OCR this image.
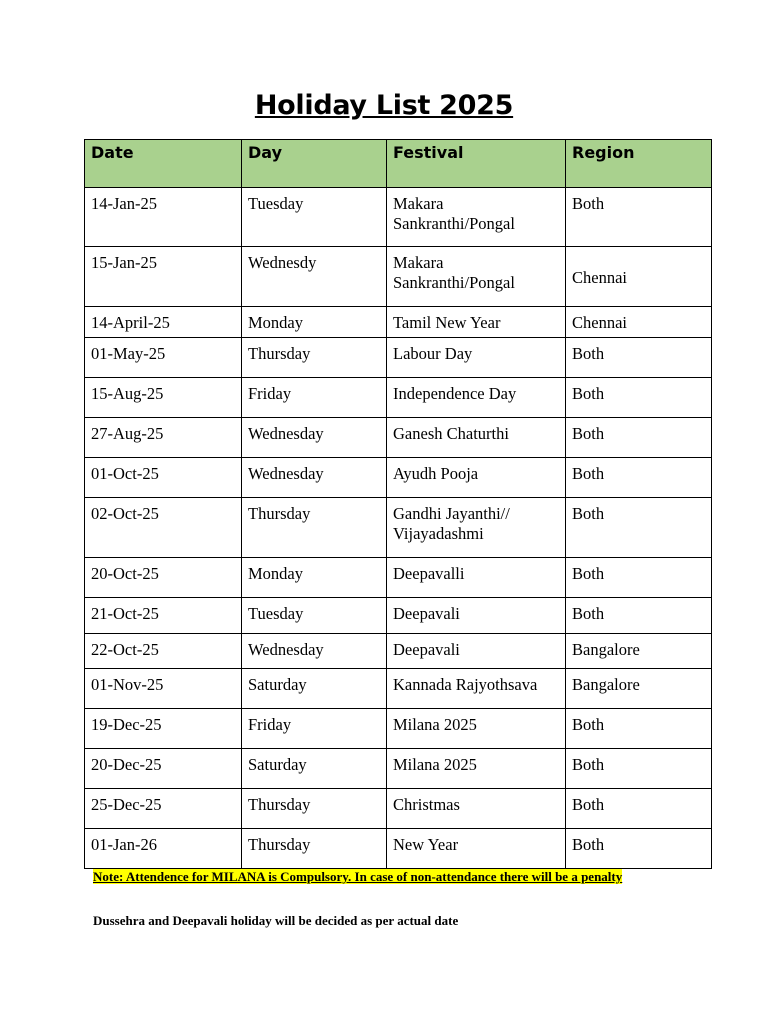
Holiday List 2025
Date	Day	Festival	Region
14-Jan-25	Tuesday	Makara Sankranthi/Pongal	Both
15-Jan-25	Wednesdy	Makara Sankranthi/Pongal	Chennai
14-April-25	Monday	Tamil New Year	Chennai
01-May-25	Thursday	Labour Day	Both
15-Aug-25	Friday	Independence Day	Both
27-Aug-25	Wednesday	Ganesh Chaturthi	Both
01-Oct-25	Wednesday	Ayudh Pooja	Both
02-Oct-25	Thursday	Gandhi Jayanthi// Vijayadashmi	Both
20-Oct-25	Monday	Deepavalli	Both
21-Oct-25	Tuesday	Deepavali	Both
22-Oct-25	Wednesday	Deepavali	Bangalore
01-Nov-25	Saturday	Kannada Rajyothsava	Bangalore
19-Dec-25	Friday	Milana 2025	Both
20-Dec-25	Saturday	Milana 2025	Both
25-Dec-25	Thursday	Christmas	Both
01-Jan-26	Thursday	New Year	Both
Note: Attendence for MILANA is Compulsory. In case of non-attendance there will be a penalty
Dussehra and Deepavali holiday will be decided as per actual date
